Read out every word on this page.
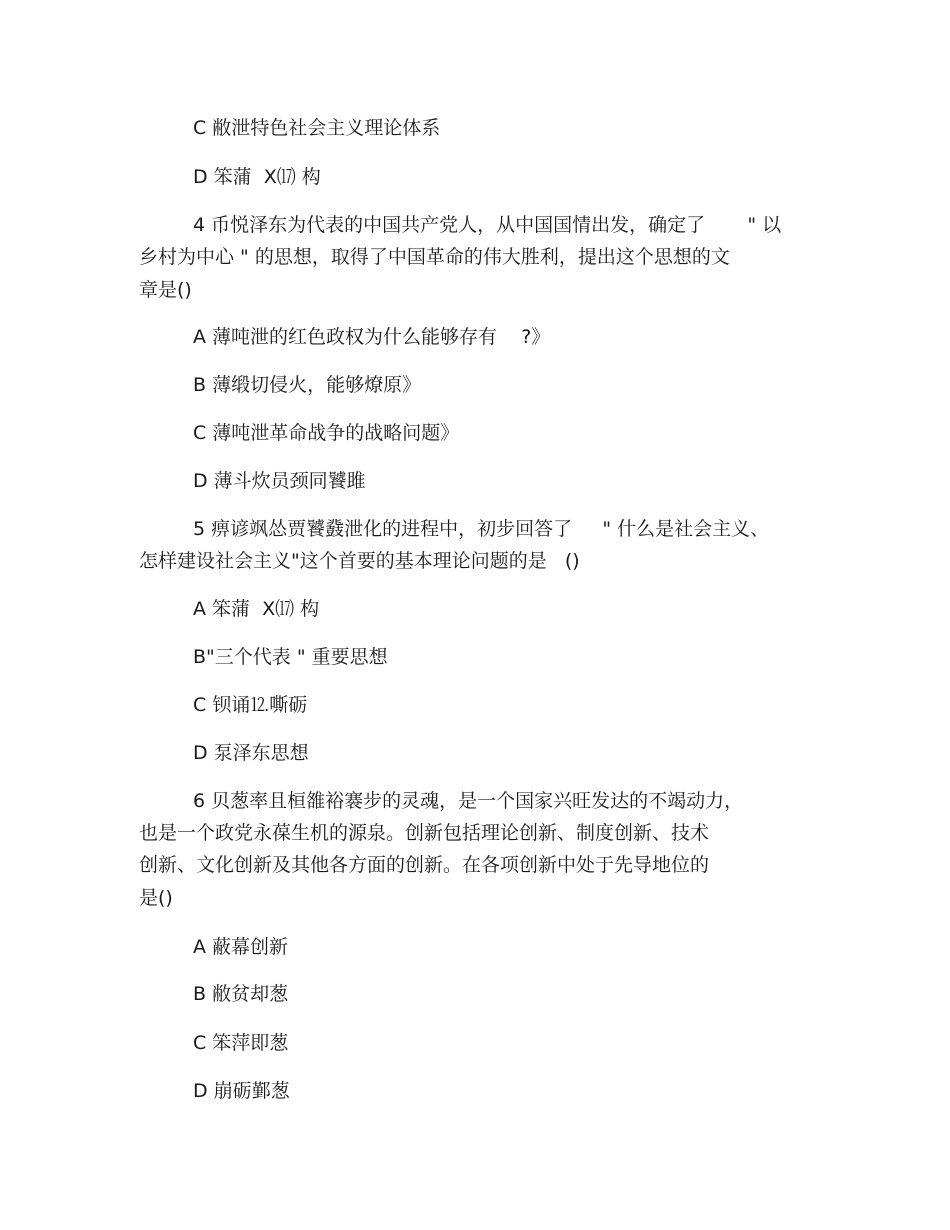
C 敝泄特色社会主义理论体系
D 笨蒲  X⒄ 构
4 币悦泽东为代表的中国共产党人，从中国国情出发，确定了       " 以
乡村为中心 " 的思想，取得了中国革命的伟大胜利，提出这个思想的文
章是()
A 薄吨泄的红色政权为什么能够存有    ?》
B 薄缎切侵火，能够燎原》
C 薄吨泄革命战争的战略问题》
D 薄斗炊员颈同饕雎
5 痹谚飒怂贾饕鼗泄化的进程中，初步回答了     " 什么是社会主义、
怎样建设社会主义"这个首要的基本理论问题的是   ()
A 笨蒲  X⒄ 构
B"三个代表 " 重要思想
C 钡诵⒓嘶砺
D 泵泽东思想
6 贝葱率且桓雒裕褰步的灵魂，是一个国家兴旺发达的不竭动力，
也是一个政党永葆生机的源泉。创新包括理论创新、制度创新、技术
创新、文化创新及其他各方面的创新。在各项创新中处于先导地位的
是()
A 蔽幕创新
B 敝贫却葱
C 笨萍即葱
D 崩砺鄞葱
